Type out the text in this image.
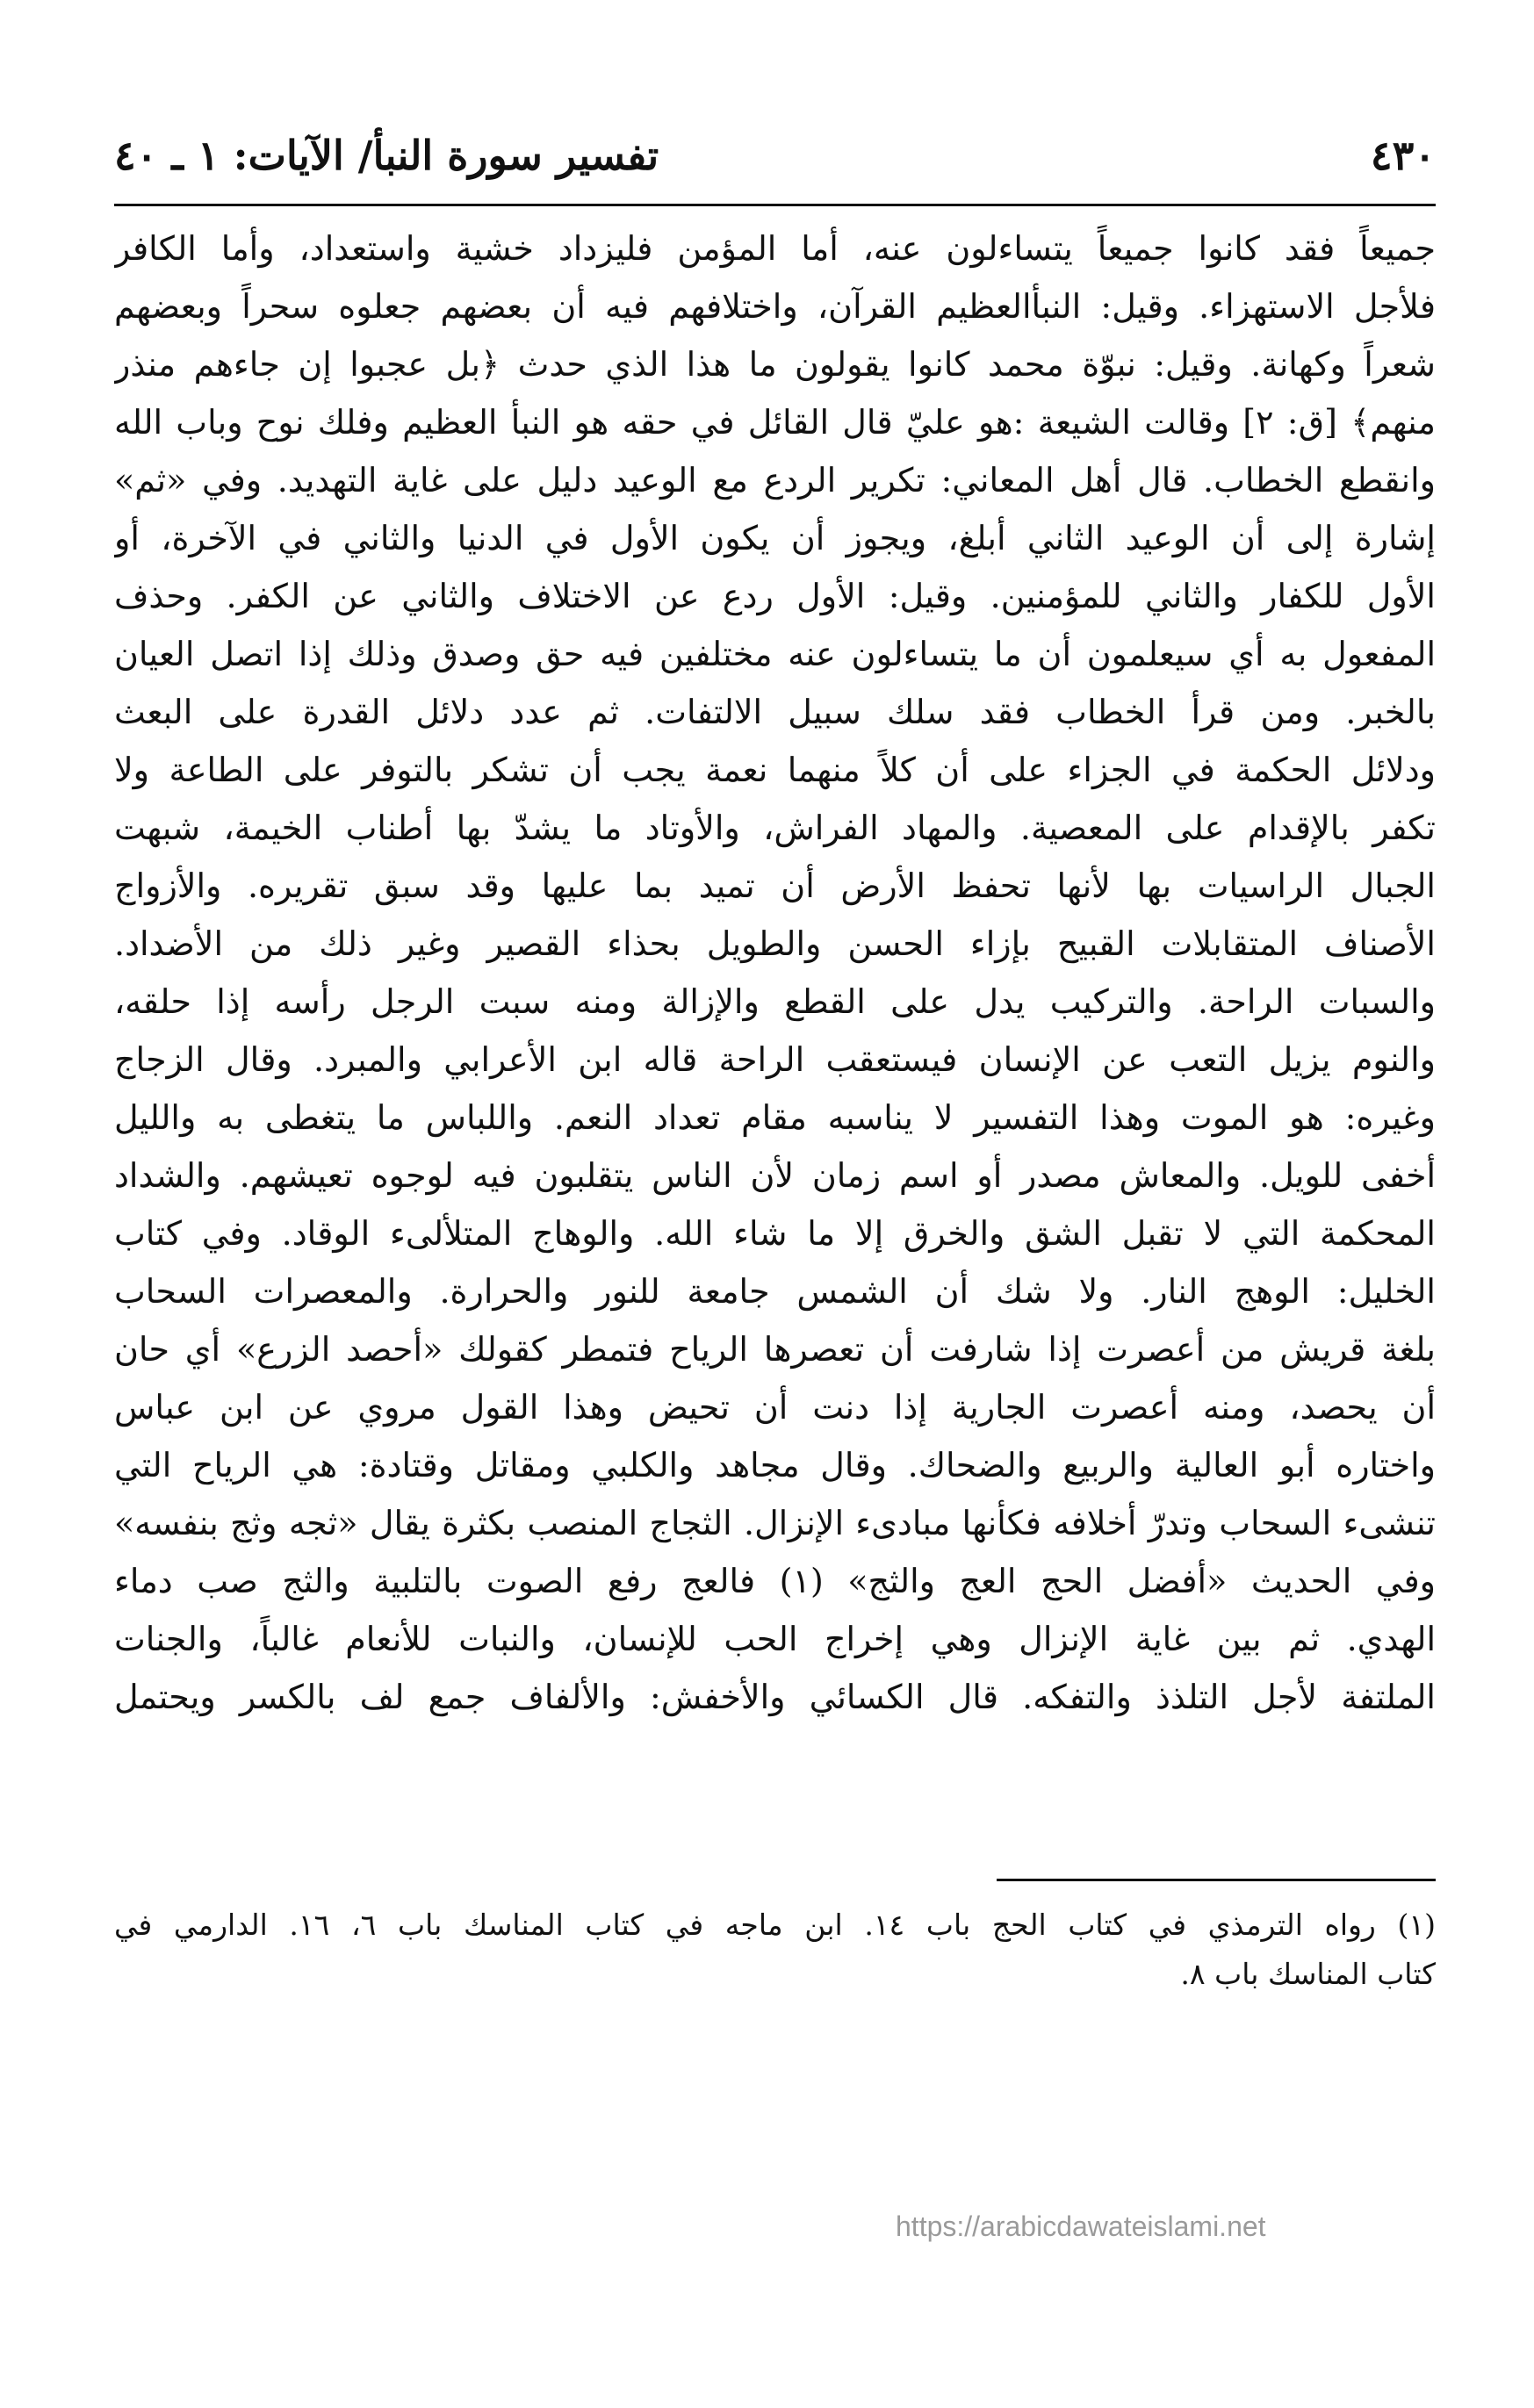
٤٣٠
تفسير سورة النبأ/ الآيات: ١ ـ ٤٠
جميعاً فقد كانوا جميعاً يتساءلون عنه، أما المؤمن فليزداد خشية واستعداد، وأما الكافر
فلأجل الاستهزاء. وقيل: النبأالعظيم القرآن، واختلافهم فيه أن بعضهم جعلوه سحراً وبعضهم
شعراً وكهانة. وقيل: نبوّة محمد كانوا يقولون ما هذا الذي حدث ﴿بل عجبوا إن جاءهم منذر
منهم﴾ [ق: ٢] وقالت الشيعة :هو عليّ قال القائل في حقه هو النبأ العظيم وفلك نوح وباب الله
وانقطع الخطاب. قال أهل المعاني: تكرير الردع مع الوعيد دليل على غاية التهديد. وفي «ثم»
إشارة إلى أن الوعيد الثاني أبلغ، ويجوز أن يكون الأول في الدنيا والثاني في الآخرة، أو
الأول للكفار والثاني للمؤمنين. وقيل: الأول ردع عن الاختلاف والثاني عن الكفر. وحذف
المفعول به أي سيعلمون أن ما يتساءلون عنه مختلفين فيه حق وصدق وذلك إذا اتصل العيان
بالخبر. ومن قرأ الخطاب فقد سلك سبيل الالتفات. ثم عدد دلائل القدرة على البعث
ودلائل الحكمة في الجزاء على أن كلاً منهما نعمة يجب أن تشكر بالتوفر على الطاعة ولا
تكفر بالإقدام على المعصية. والمهاد الفراش، والأوتاد ما يشدّ بها أطناب الخيمة، شبهت
الجبال الراسيات بها لأنها تحفظ الأرض أن تميد بما عليها وقد سبق تقريره. والأزواج
الأصناف المتقابلات القبيح بإزاء الحسن والطويل بحذاء القصير وغير ذلك من الأضداد.
والسبات الراحة. والتركيب يدل على القطع والإزالة ومنه سبت الرجل رأسه إذا حلقه،
والنوم يزيل التعب عن الإنسان فيستعقب الراحة قاله ابن الأعرابي والمبرد. وقال الزجاج
وغيره: هو الموت وهذا التفسير لا يناسبه مقام تعداد النعم. واللباس ما يتغطى به والليل
أخفى للويل. والمعاش مصدر أو اسم زمان لأن الناس يتقلبون فيه لوجوه تعيشهم. والشداد
المحكمة التي لا تقبل الشق والخرق إلا ما شاء الله. والوهاج المتلألىء الوقاد. وفي كتاب
الخليل: الوهج النار. ولا شك أن الشمس جامعة للنور والحرارة. والمعصرات السحاب
بلغة قريش من أعصرت إذا شارفت أن تعصرها الرياح فتمطر كقولك «أحصد الزرع» أي حان
أن يحصد، ومنه أعصرت الجارية إذا دنت أن تحيض وهذا القول مروي عن ابن عباس
واختاره أبو العالية والربيع والضحاك. وقال مجاهد والكلبي ومقاتل وقتادة: هي الرياح التي
تنشىء السحاب وتدرّ أخلافه فكأنها مبادىء الإنزال. الثجاج المنصب بكثرة يقال «ثجه وثج بنفسه»
وفي الحديث «أفضل الحج العج والثج» (١) فالعج رفع الصوت بالتلبية والثج صب دماء
الهدي. ثم بين غاية الإنزال وهي إخراج الحب للإنسان، والنبات للأنعام غالباً، والجنات
الملتفة لأجل التلذذ والتفكه. قال الكسائي والأخفش: والألفاف جمع لف بالكسر ويحتمل
(١) رواه الترمذي في كتاب الحج باب ١٤. ابن ماجه في كتاب المناسك باب ٦، ١٦. الدارمي في
كتاب المناسك باب ٨.
https://arabicdawateislami.net
